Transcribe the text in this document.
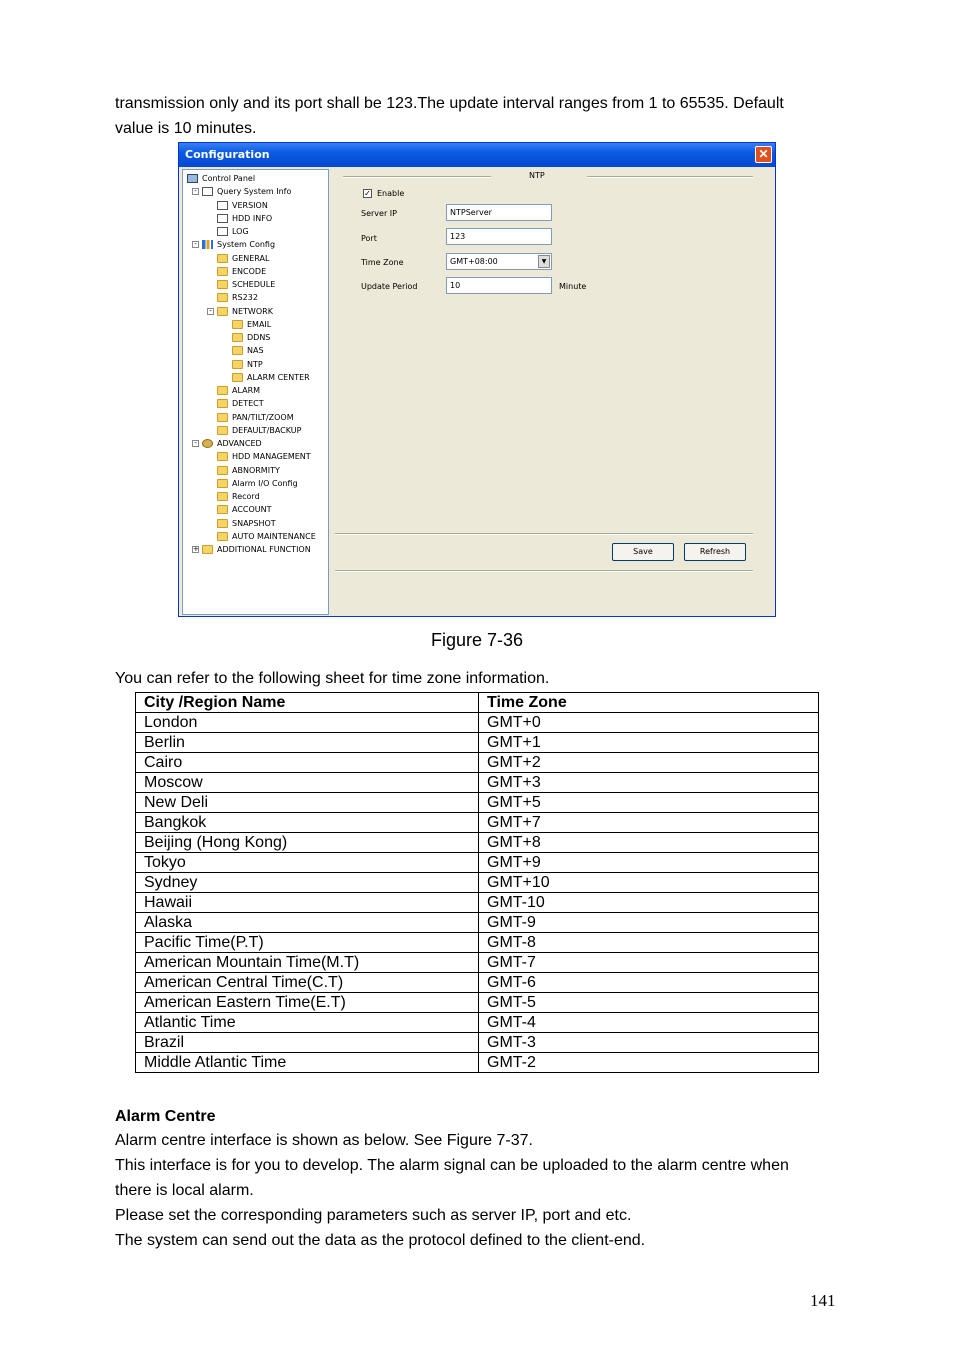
transmission only and its port shall be 123.The update interval ranges from 1 to 65535. Default

value is 10 minutes.

Configuration	✕
Control Panel
-	Query System Info
VERSION
HDD INFO
LOG
-	System Config
GENERAL
ENCODE
SCHEDULE
RS232
-	NETWORK
EMAIL
DDNS
NAS
NTP
ALARM CENTER
ALARM
DETECT
PAN/TILT/ZOOM
DEFAULT/BACKUP
-	ADVANCED
HDD MANAGEMENT
ABNORMITY
Alarm I/O Config
Record
ACCOUNT
SNAPSHOT
AUTO MAINTENANCE
+	ADDITIONAL FUNCTION
NTP
✓ Enable
Server IP	NTPServer
Port	123
Time Zone	GMT+08:00	▼
Update Period	10	Minute
Save	Refresh
Figure 7-36

You can refer to the following sheet for time zone information.

City /Region Name	Time Zone
London	GMT+0
Berlin	GMT+1
Cairo	GMT+2
Moscow	GMT+3
New Deli	GMT+5
Bangkok	GMT+7
Beijing (Hong Kong)	GMT+8
Tokyo	GMT+9
Sydney	GMT+10
Hawaii	GMT-10
Alaska	GMT-9
Pacific Time(P.T)	GMT-8
American Mountain Time(M.T)	GMT-7
American Central Time(C.T)	GMT-6
American Eastern Time(E.T)	GMT-5
Atlantic Time	GMT-4
Brazil	GMT-3
Middle Atlantic Time	GMT-2

Alarm Centre

Alarm centre interface is shown as below. See Figure 7-37.

This interface is for you to develop. The alarm signal can be uploaded to the alarm centre when

there is local alarm.

Please set the corresponding parameters such as server IP, port and etc.

The system can send out the data as the protocol defined to the client-end.

141
